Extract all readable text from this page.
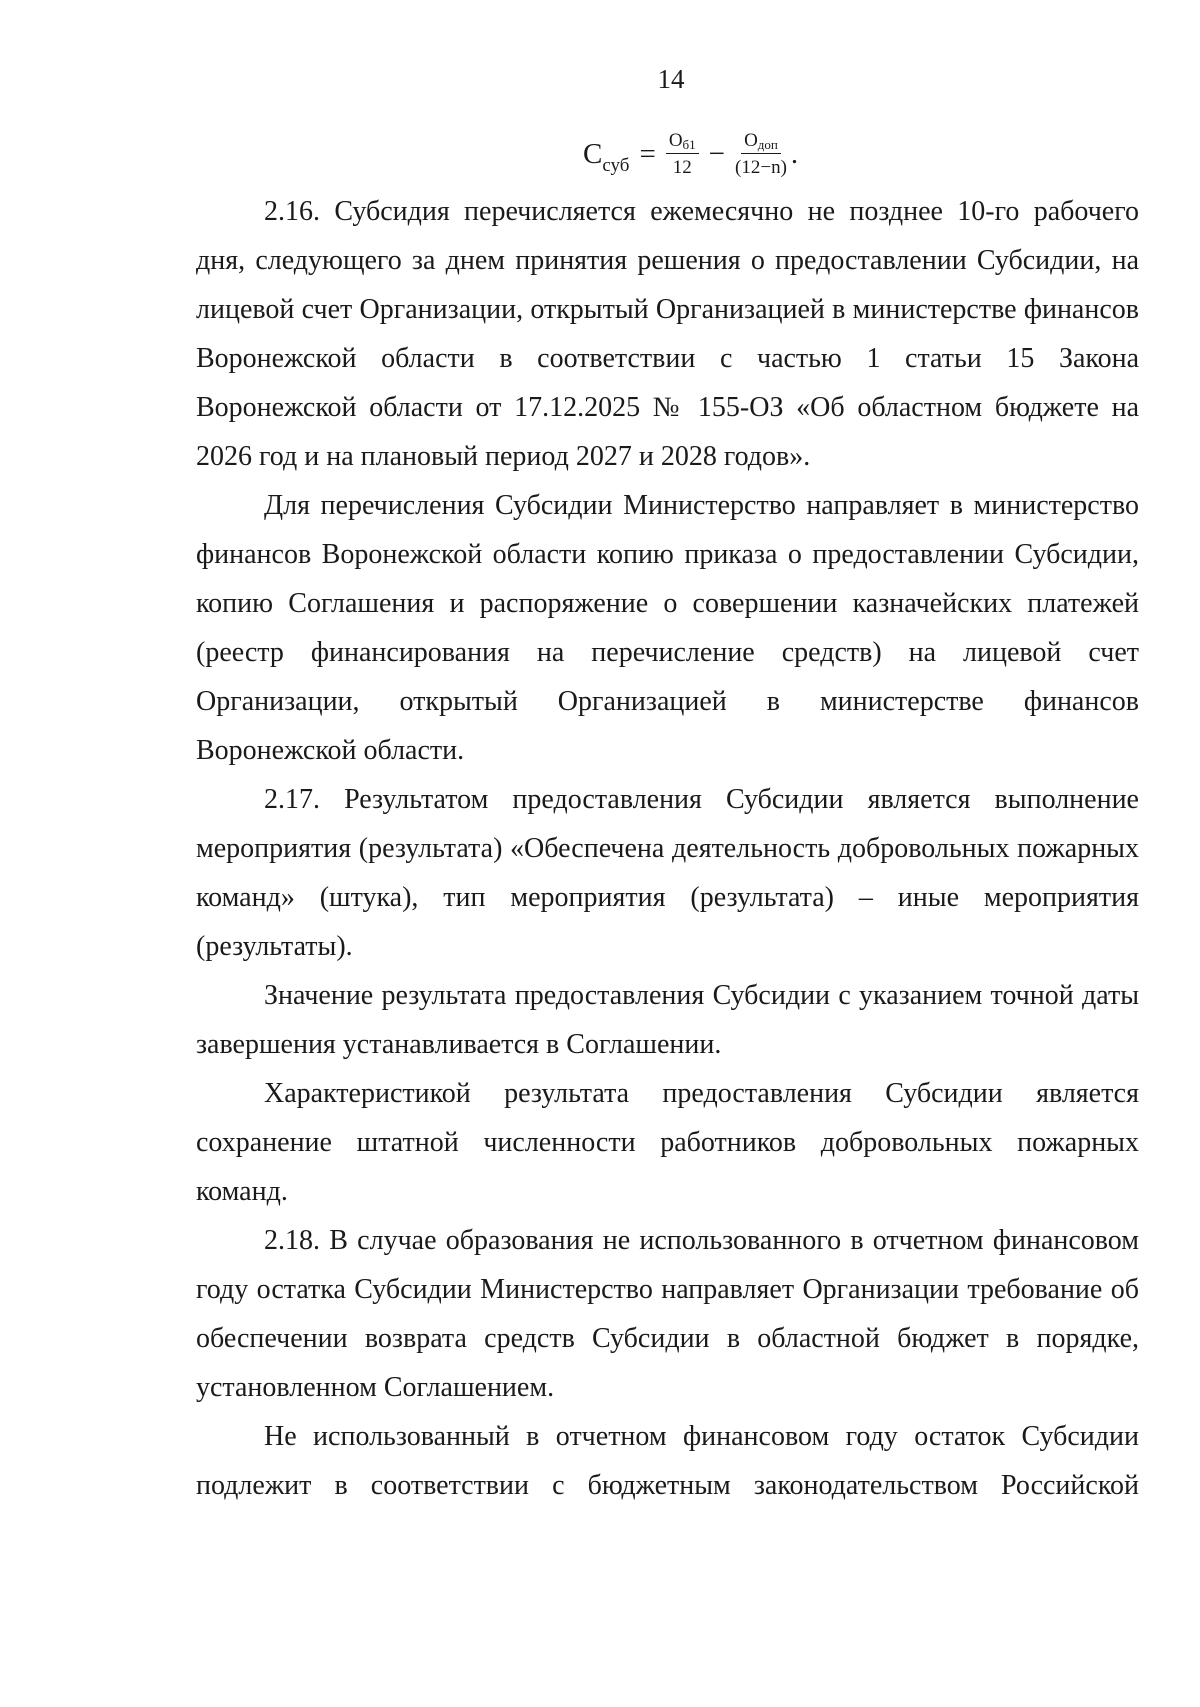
14
$С_{суб} = \frac{Об1}{12} - \frac{\text{Одоп}}{(12-n)}$ .

2.16. Субсидия перечисляется ежемесячно не позднее 10-го рабочего дня, следующего за днем принятия решения о предоставлении Субсидии, на лицевой счет Организации, открытый Организацией в министерстве финансов Воронежской области в соответствии с частью 1 статьи 15 Закона Воронежской области от 17.12.2025 № 155-ОЗ «Об областном бюджете на 2026 год и на плановый период 2027 и 2028 годов».

Для перечисления Субсидии Министерство направляет в министерство финансов Воронежской области копию приказа о предоставлении Субсидии, копию Соглашения и распоряжение о совершении казначейских платежей (реестр финансирования на перечисление средств) на лицевой счет Организации, открытый Организацией в министерстве финансов Воронежской области.

2.17. Результатом предоставления Субсидии является выполнение мероприятия (результата) «Обеспечена деятельность добровольных пожарных команд» (штука), тип мероприятия (результата) – иные мероприятия (результаты).

Значение результата предоставления Субсидии с указанием точной даты завершения устанавливается в Соглашении.

Характеристикой результата предоставления Субсидии является сохранение штатной численности работников добровольных пожарных команд.

2.18. В случае образования не использованного в отчетном финансовом году остатка Субсидии Министерство направляет Организации требование об обеспечении возврата средств Субсидии в областной бюджет в порядке, установленном Соглашением.

Не использованный в отчетном финансовом году остаток Субсидии подлежит в соответствии с бюджетным законодательством Российской
